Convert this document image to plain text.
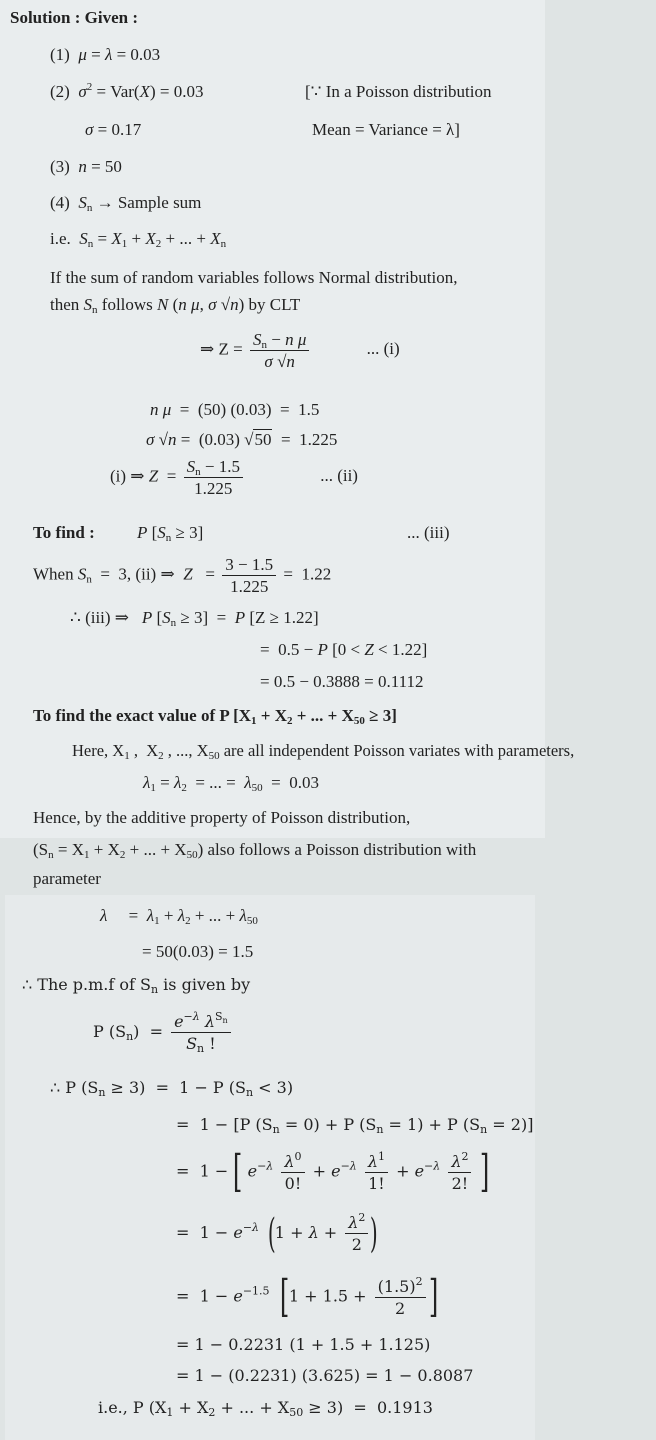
Solution : Given :
(1)  μ = λ = 0.03
(2)  $\sigma^2 = Var(X) = 0.03$	[∵ In a Poisson distribution
σ = 0.17	Mean = Variance = λ]
(3)  n = 50
(4)  $S_n$ → Sample sum
i.e.  $S_n = X_1 + X_2$ + ... + $X_n$
If the sum of random variables follows Normal distribution,
then $S_n$ follows N (n μ, σ √n) by CLT
⇒ $Z = \frac{S_n - n \mu}{\sigma √n}$	... (i)
n μ  =  (50) (0.03)  =  1.5
σ √n =  (0.03) √50  =  1.225
(i) ⇒ $Z = \frac{S_n - 1.5}{1.225}$	... (ii)
To find : P $[S_n \ge 3]$	... (iii)
When $S_n = 3$, (ii) ⇒  $Z = \frac{3 - 1.5}{1.225} = 1.22$
∴ (iii) ⇒   P $[S_n \ge 3] = P$ [Z ≥ 1.22]
=  0.5 − P [0 < Z < 1.22]
= 0.5 − 0.3888 = 0.1112
To find the exact value of P [$X_1 + X_2$ + ... + $X_{50} \ge 3$]
Here, $X_1$ ,  $X_2$ , ..., $X_{50}$ are all independent Poisson variates with parameters,
$\lambda_1 = \lambda_2$  = ... =  $\lambda_{50} = 0.03$
Hence, by the additive property of Poisson distribution,
($S_n = X_1 + X_2$ + ... + $X_{50}$) also follows a Poisson distribution with
parameter
λ     =  $\lambda_1 + \lambda_2$ + ... + $\lambda_{50}$
= 50(0.03) = 1.5
∴ The p.m.f of $S_n$ is given by
P $(S_n) = \frac{e^{-\lambda} \lambda^{S_n}}{S_n !}$
∴ P $(S_n \ge 3) = 1 - P$ $(S_n < 3)$
=  1 − [P $(S_n = 0) + P$ $(S_n = 1) + P$ $(S_n = 2)$]
=  1 − [ $e^{-\lambda} \frac{\lambda^0}{0!} + e^{-\lambda} \frac{\lambda^1}{1!} + e^{-\lambda} \frac{\lambda^2}{2!}$ ]
=  $1 - e^{-\lambda}$ ($1 + \lambda + \frac{\lambda^2}{2}$ )
=  $1 - e^{-1.5}$ [$1 + 1.5 + \frac{(1.5)^2}{2}$ ]
= 1 − 0.2231 (1 + 1.5 + 1.125)
= 1 − (0.2231) (3.625) = 1 − 0.8087
i.e., P ($X_1 + X_2$ + ... + $X_{50} \ge 3) = 0.1913$
